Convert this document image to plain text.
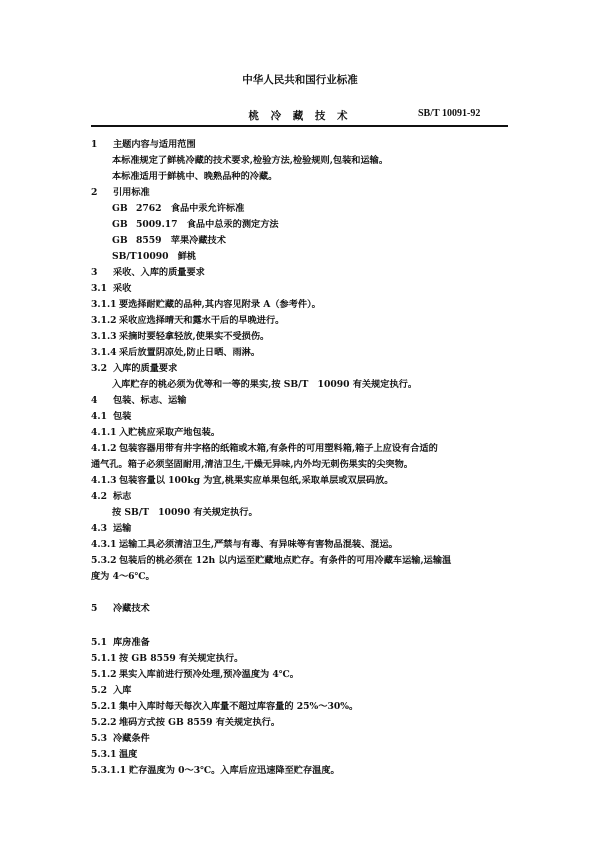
中华人民共和国行业标准
桃 冷 藏 技 术	SB/T 10091-92
1 主题内容与适用范围
本标准规定了鲜桃冷藏的技术要求,检验方法,检验规则,包装和运输。
本标准适用于鲜桃中、晚熟品种的冷藏。
2 引用标准
GB 2762　食品中汞允许标准
GB 5009.17　食品中总汞的测定方法
GB 8559　苹果冷藏技术
SB/T10090　鲜桃
3 采收、入库的质量要求
3.1 采收
3.1.1 要选择耐贮藏的品种,其内容见附录 A（参考件）。
3.1.2 采收应选择晴天和露水干后的早晚进行。
3.1.3 采摘时要轻拿轻放,使果实不受损伤。
3.1.4 采后放置阴凉处,防止日晒、雨淋。
3.2 入库的质量要求
入库贮存的桃必须为优等和一等的果实,按 SB/T　10090 有关规定执行。
4 包装、标志、运输
4.1 包装
4.1.1 入贮桃应采取产地包装。
4.1.2 包装容器用带有井字格的纸箱或木箱,有条件的可用塑料箱,箱子上应设有合适的
通气孔。箱子必须坚固耐用,清洁卫生,干燥无异味,内外均无刺伤果实的尖突物。
4.1.3 包装容量以 100kg 为宜,桃果实应单果包纸,采取单层或双层码放。
4.2 标志
按 SB/T　10090 有关规定执行。
4.3 运输
4.3.1 运输工具必须清洁卫生,严禁与有毒、有异味等有害物品混装、混运。
5.3.2 包装后的桃必须在 12h 以内运至贮藏地点贮存。有条件的可用冷藏车运输,运输温
度为 4～6℃。
5 冷藏技术
5.1 库房准备
5.1.1 按 GB 8559 有关规定执行。
5.1.2 果实入库前进行预冷处理,预冷温度为 4℃。
5.2 入库
5.2.1 集中入库时每天每次入库量不超过库容量的 25%～30%。
5.2.2 堆码方式按 GB 8559 有关规定执行。
5.3 冷藏条件
5.3.1 温度
5.3.1.1 贮存温度为 0～3℃。入库后应迅速降至贮存温度。
